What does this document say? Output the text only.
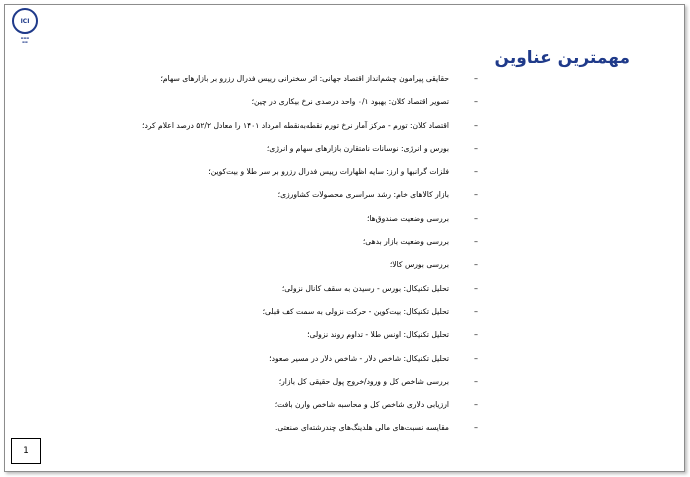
ICI
▬▬▬
▬▬
مهمترین عناوین
–
حقایقی پیرامون چشم‌انداز اقتصاد جهانی: اثر سخنرانی رییس فدرال رزرو بر بازارهای سهام؛
–
تصویر اقتصاد کلان: بهبود ۰/۱ واحد درصدی نرخ بیکاری در چین؛
–
اقتصاد کلان: تورم - مرکز آمار نرخ تورم نقطه‌به‌نقطه امرداد ۱۴۰۱ را معادل ۵۲/۲ درصد اعلام کرد؛
–
بورس و انرژی: نوسانات نامتقارن بازارهای سهام و انرژی؛
–
فلزات گرانبها و ارز: سایه اظهارات رییس فدرال رزرو بر سر طلا و بیت‌کوین؛
–
بازار کالاهای خام: رشد سراسری محصولات کشاورزی؛
–
بررسی وضعیت صندوق‌ها؛
–
بررسی وضعیت بازار بدهی؛
–
بررسی بورس کالا؛
–
تحلیل تکنیکال: بورس - رسیدن به سقف کانال نزولی؛
–
تحلیل تکنیکال: بیت‌کوین - حرکت نزولی به سمت کف قبلی؛
–
تحلیل تکنیکال: اونس طلا - تداوم روند نزولی؛
–
تحلیل تکنیکال: شاخص دلار - شاخص دلار در مسیر صعود؛
–
بررسی شاخص کل و ورود/خروج پول حقیقی کل بازار؛
–
ارزیابی دلاری شاخص کل و محاسبه شاخص وارن بافت؛
–
مقایسه نسبت‌های مالی هلدینگ‌های چندرشته‌ای صنعتی.
1
